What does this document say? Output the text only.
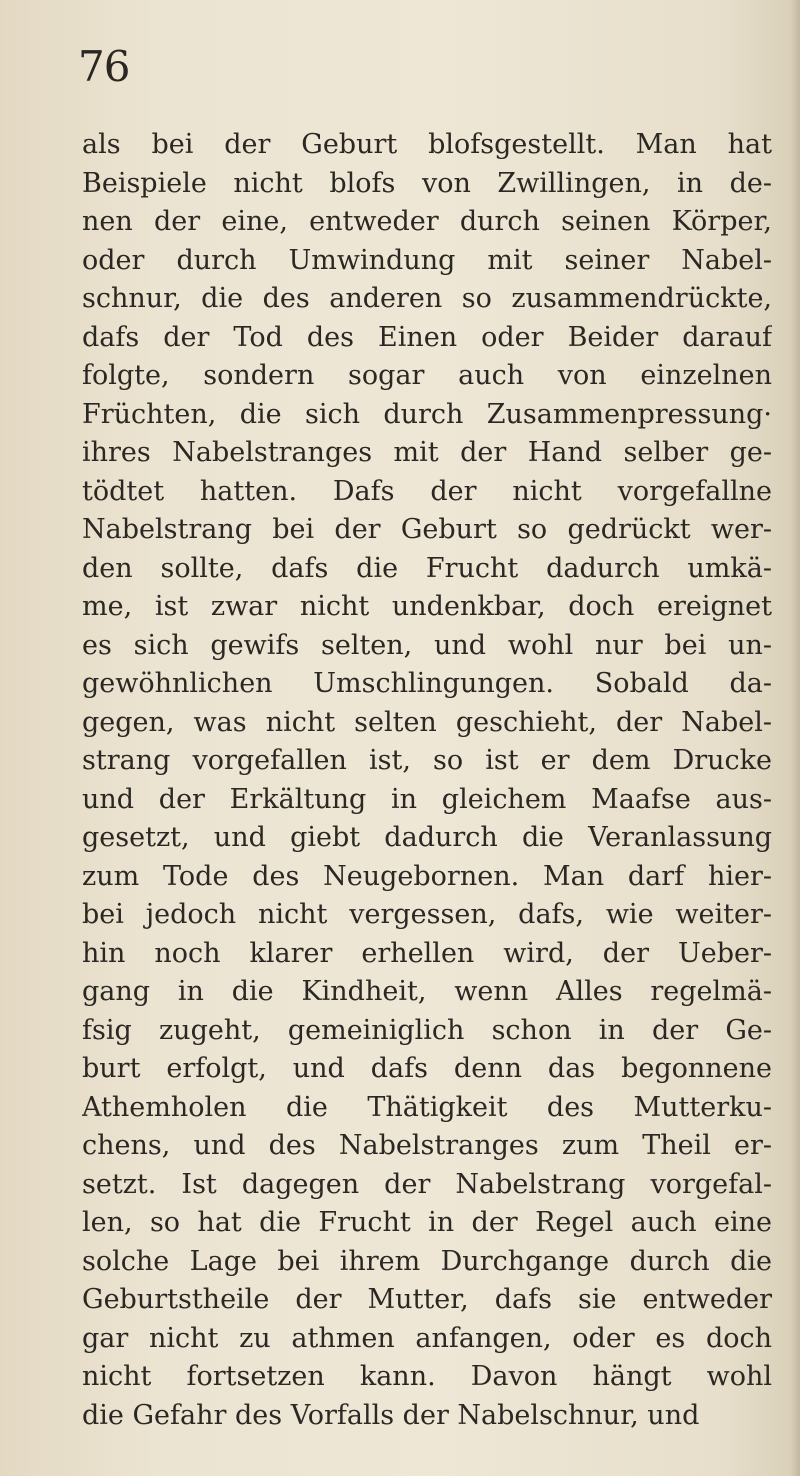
76
als bei der Geburt blofsgestellt. Man hat
Beispiele nicht blofs von Zwillingen, in de-
nen der eine, entweder durch seinen Körper,
oder durch Umwindung mit seiner Nabel-
schnur, die des anderen so zusammendrückte,
dafs der Tod des Einen oder Beider darauf
folgte, sondern sogar auch von einzelnen
Früchten, die sich durch Zusammenpressung·
ihres Nabelstranges mit der Hand selber ge-
tödtet hatten. Dafs der nicht vorgefallne
Nabelstrang bei der Geburt so gedrückt wer-
den sollte, dafs die Frucht dadurch umkä-
me, ist zwar nicht undenkbar, doch ereignet
es sich gewifs selten, und wohl nur bei un-
gewöhnlichen Umschlingungen. Sobald da-
gegen, was nicht selten geschieht, der Nabel-
strang vorgefallen ist, so ist er dem Drucke
und der Erkältung in gleichem Maafse aus-
gesetzt, und giebt dadurch die Veranlassung
zum Tode des Neugebornen. Man darf hier-
bei jedoch nicht vergessen, dafs, wie weiter-
hin noch klarer erhellen wird, der Ueber-
gang in die Kindheit, wenn Alles regelmä-
fsig zugeht, gemeiniglich schon in der Ge-
burt erfolgt, und dafs denn das begonnene
Athemholen die Thätigkeit des Mutterku-
chens, und des Nabelstranges zum Theil er-
setzt. Ist dagegen der Nabelstrang vorgefal-
len, so hat die Frucht in der Regel auch eine
solche Lage bei ihrem Durchgange durch die
Geburtstheile der Mutter, dafs sie entweder
gar nicht zu athmen anfangen, oder es doch
nicht fortsetzen kann. Davon hängt wohl
die Gefahr des Vorfalls der Nabelschnur, und
